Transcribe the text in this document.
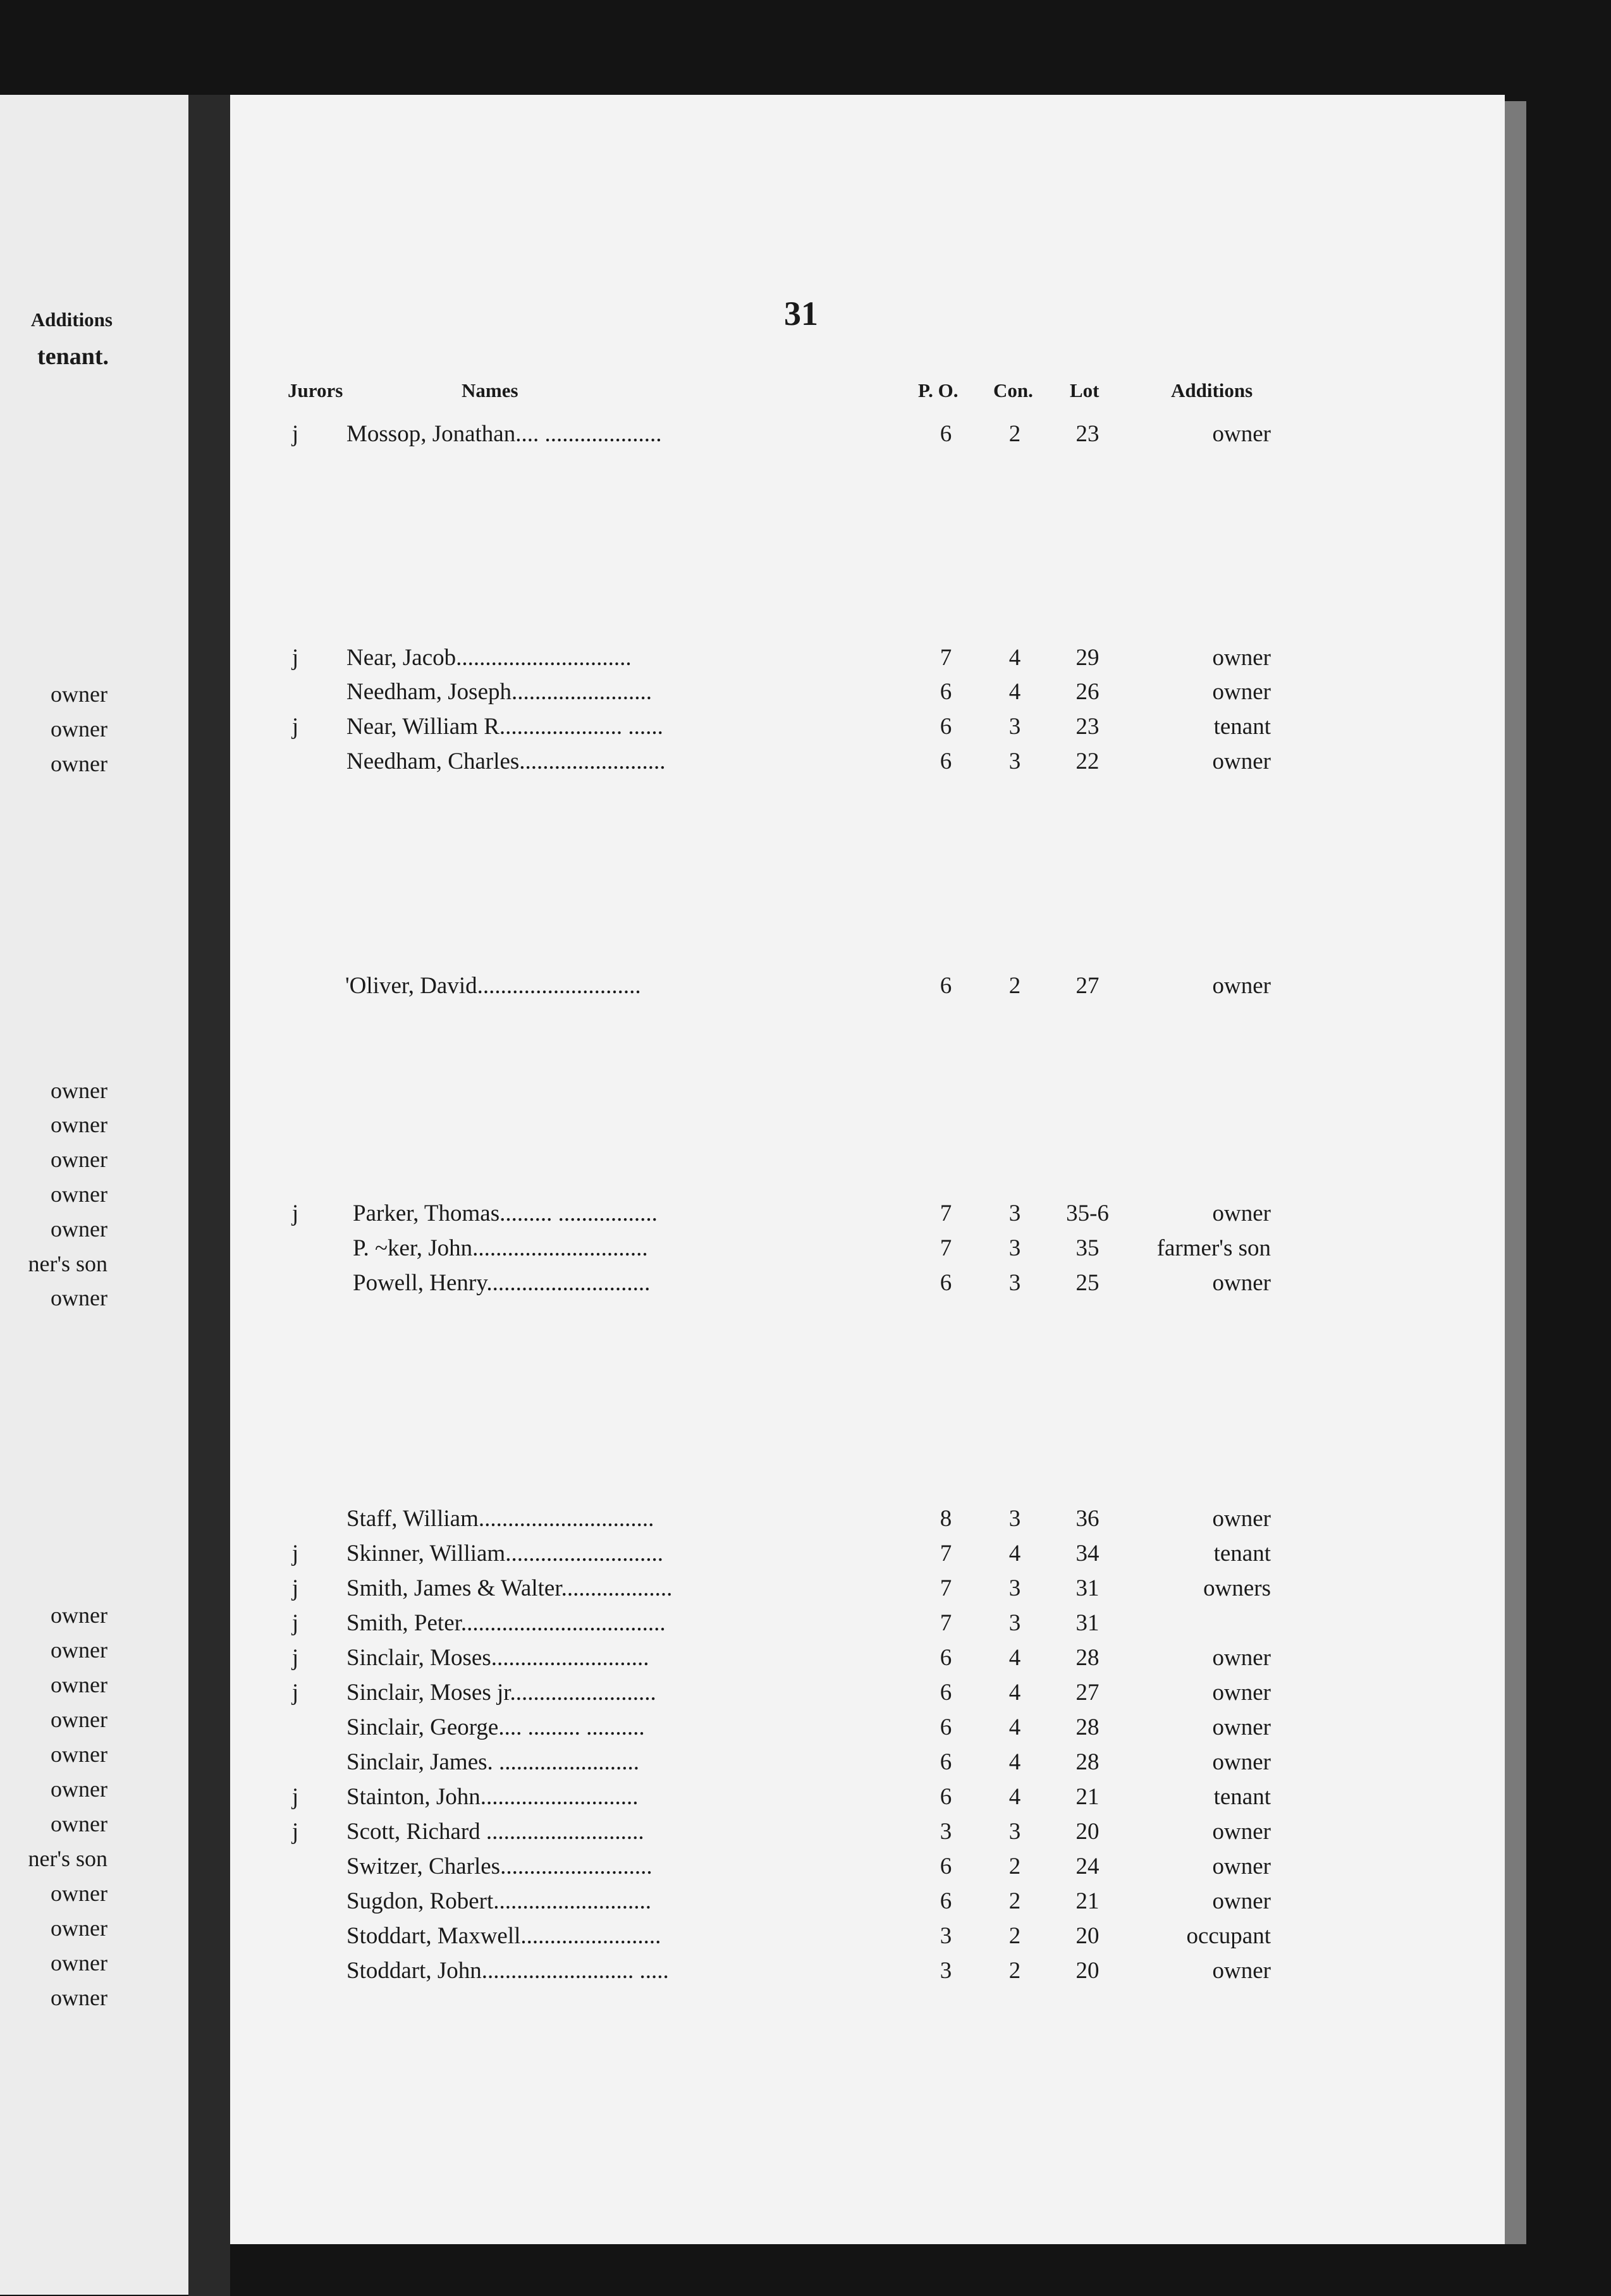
Additions
tenant.
owner
owner
owner
owner
owner
owner
owner
owner
ner's son
owner
owner
owner
owner
owner
owner
owner
owner
ner's son
owner
owner
owner
owner
Jurors	Names	P. O. Con. Lot	Additions
j Mossop, Jonathan.... ....................	6	2	23	owner
j Near, Jacob..............................	7	4	29	owner
Needham, Joseph........................	6	4	26	owner
j Near, William R..................... ......	6	3	23	tenant
Needham, Charles.........................	6	3	22	owner
'Oliver, David............................	6	2	27	owner
j Parker, Thomas......... .................	7	3	35-6	owner
P. ~ker, John..............................	7	3	35	farmer's son
Powell, Henry............................	6	3	25	owner
Staff, William..............................	8	3	36	owner
j Skinner, William...........................	7	4	34	tenant
j Smith, James & Walter...................	7	3	31	owners
j Smith, Peter...................................	7	3	31
j Sinclair, Moses...........................	6	4	28	owner
j Sinclair, Moses jr.........................	6	4	27	owner
Sinclair, George.... ......... ..........	6	4	28	owner
Sinclair, James. ........................	6	4	28	owner
j Stainton, John...........................	6	4	21	tenant
j Scott, Richard ...........................	3	3	20	owner
Switzer, Charles..........................	6	2	24	owner
Sugdon, Robert...........................	6	2	21	owner
Stoddart, Maxwell........................	3	2	20	occupant
Stoddart, John.......................... .....	3	2	20	owner
